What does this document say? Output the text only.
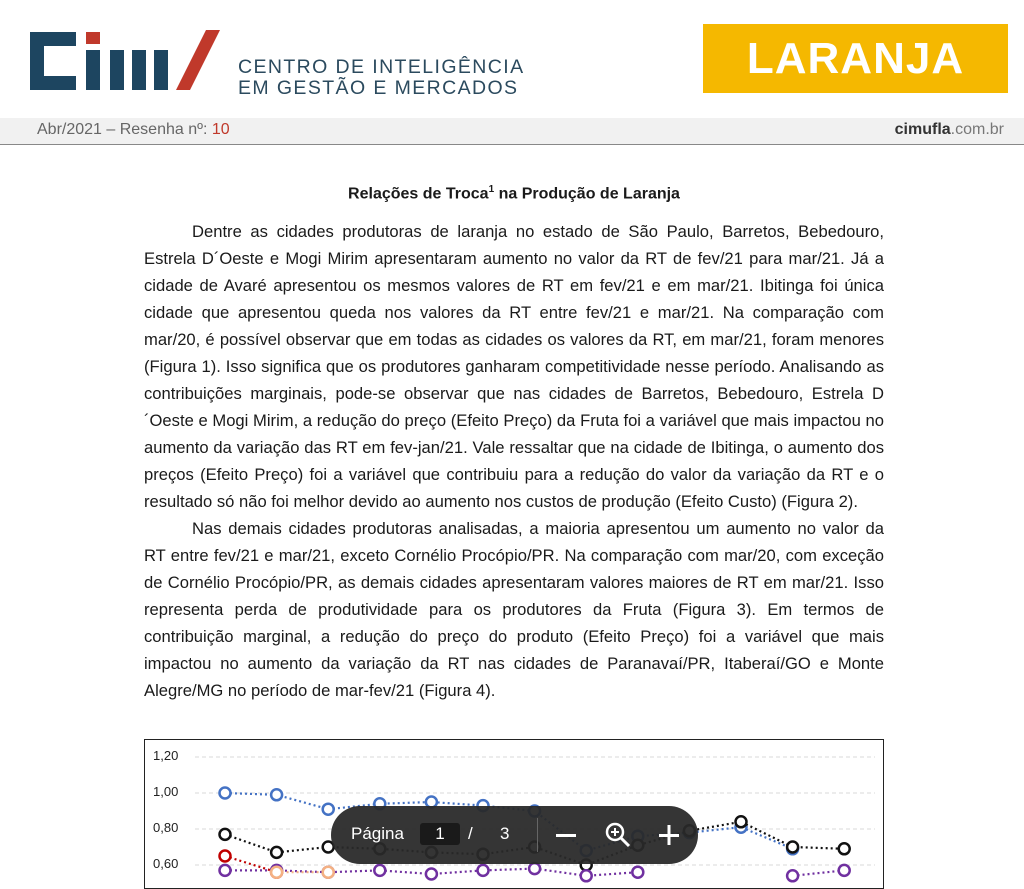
CENTRO DE INTELIGÊNCIA
EM GESTÃO E MERCADOS
LARANJA
Abr/2021 – Resenha nº: 10	cimufla.com.br
Relações de Troca$^1$ na Produção de Laranja

Dentre as cidades produtoras de laranja no estado de São Paulo, Barretos, Bebedouro, Estrela D´Oeste e Mogi Mirim apresentaram aumento no valor da RT de fev/21 para mar/21. Já a cidade de Avaré apresentou os mesmos valores de RT em fev/21 e em mar/21. Ibitinga foi única cidade que apresentou queda nos valores da RT entre fev/21 e mar/21. Na comparação com mar/20, é possível observar que em todas as cidades os valores da RT, em mar/21, foram menores (Figura 1). Isso significa que os produtores ganharam competitividade nesse período. Analisando as contribuições marginais, pode-se observar que nas cidades de Barretos, Bebedouro, Estrela D´Oeste e Mogi Mirim, a redução do preço (Efeito Preço) da Fruta foi a variável que mais impactou no aumento da variação das RT em fev-jan/21. Vale ressaltar que na cidade de Ibitinga, o aumento dos preços (Efeito Preço) foi a variável que contribuiu para a redução do valor da variação da RT e o resultado só não foi melhor devido ao aumento nos custos de produção (Efeito Custo) (Figura 2).

Nas demais cidades produtoras analisadas, a maioria apresentou um aumento no valor da RT entre fev/21 e mar/21, exceto Cornélio Procópio/PR. Na comparação com mar/20, com exceção de Cornélio Procópio/PR, as demais cidades apresentaram valores maiores de RT em mar/21. Isso representa perda de produtividade para os produtores da Fruta (Figura 3). Em termos de contribuição marginal, a redução do preço do produto (Efeito Preço) foi a variável que mais impactou no aumento da variação da RT nas cidades de Paranavaí/PR, Itaberaí/GO e Monte Alegre/MG no período de mar-fev/21 (Figura 4).

1,20
1,00
0,80
0,60
Página	1	/ 3
